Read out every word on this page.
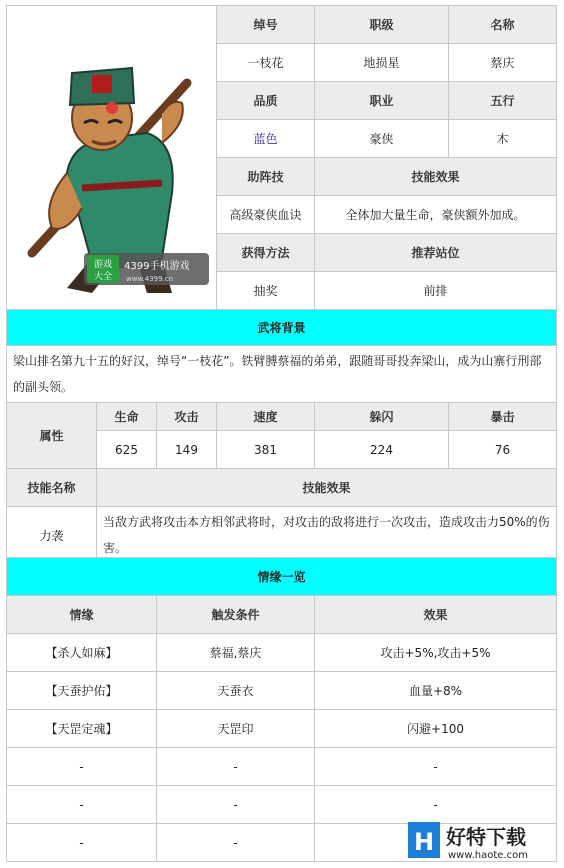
游戏
大全
4399手机游戏
www.4399.cn	绰号	职级	名称
	一枝花	地损星	蔡庆
	品质	职业	五行
	蓝色	豪侠	木
	助阵技	技能效果	
	高级豪侠血诀	全体加大量生命，豪侠额外加成。	
	获得方法	推荐站位	
	抽奖	前排	
武将背景					
梁山排名第九十五的好汉，绰号“一枝花”。铁臂膊蔡福的弟弟，跟随哥哥投奔梁山，成为山寨行刑部的副头领。					
属性	生命	攻击	速度	躲闪	暴击
	625	149	381	224	76
技能名称	技能效果				
力袭	当敌方武将攻击本方相邻武将时，对攻击的敌将进行一次攻击，造成攻击力50%的伤害。				
情缘一览		
情缘	触发条件	效果
【杀人如麻】	蔡福,蔡庆	攻击+5%,攻击+5%
【天蚕护佑】	天蚕衣	血量+8%
【天罡定魂】	天罡印	闪避+100
-	-	-
-	-	-
-	-		H 好特下载
www.haote.com
